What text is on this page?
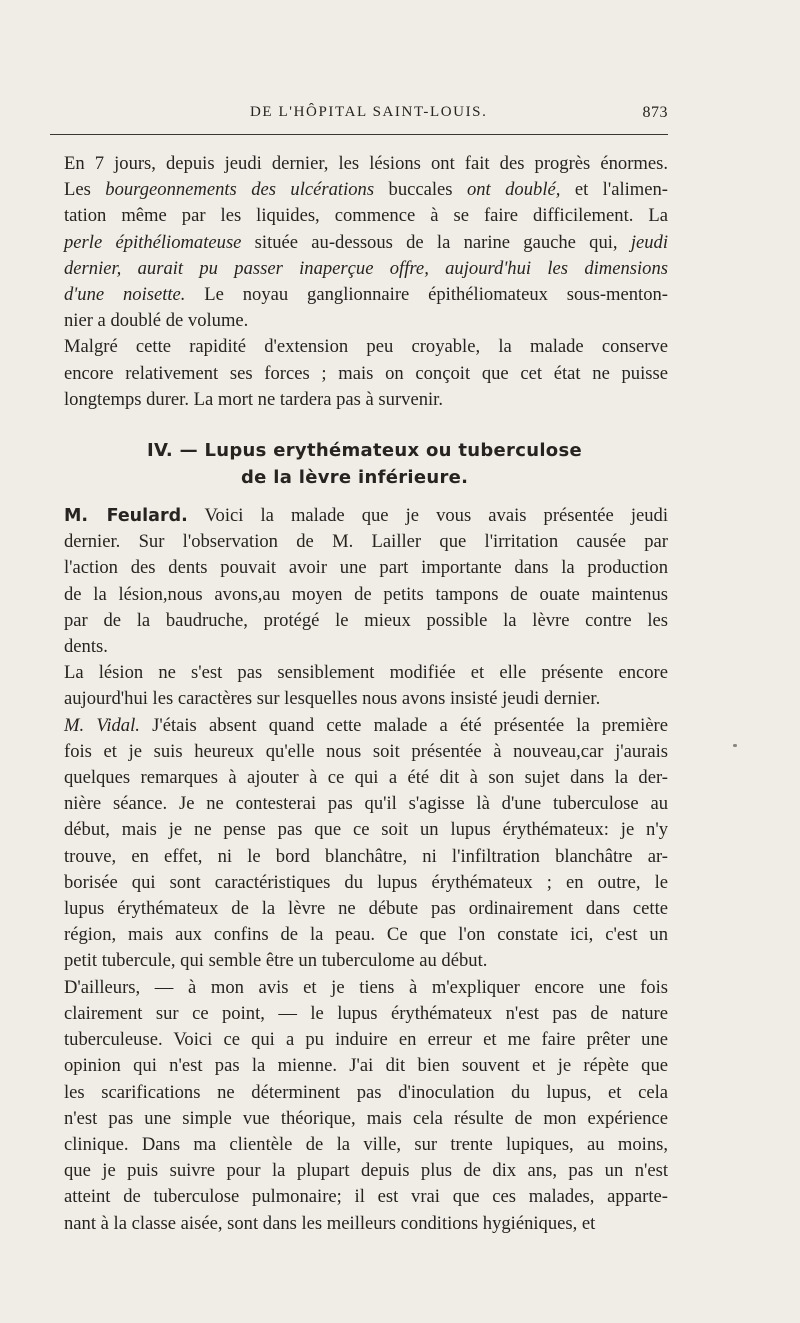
DE L'HÔPITAL SAINT-LOUIS.	873

En 7 jours, depuis jeudi dernier, les lésions ont fait des progrès énormes.
Les bourgeonnements des ulcérations buccales ont doublé, et l'alimen-
tation même par les liquides, commence à se faire difficilement. La
perle épithéliomateuse située au-dessous de la narine gauche qui, jeudi
dernier, aurait pu passer inaperçue offre, aujourd'hui les dimensions
d'une noisette. Le noyau ganglionnaire épithéliomateux sous-menton-
nier a doublé de volume.

Malgré cette rapidité d'extension peu croyable, la malade conserve
encore relativement ses forces ; mais on conçoit que cet état ne puisse
longtemps durer. La mort ne tardera pas à survenir.

IV. — Lupus erythémateux ou tuberculose
de la lèvre inférieure.

M. Feulard. Voici la malade que je vous avais présentée jeudi
dernier. Sur l'observation de M. Lailler que l'irritation causée par
l'action des dents pouvait avoir une part importante dans la production
de la lésion,nous avons,au moyen de petits tampons de ouate maintenus
par de la baudruche, protégé le mieux possible la lèvre contre les
dents.

La lésion ne s'est pas sensiblement modifiée et elle présente encore
aujourd'hui les caractères sur lesquelles nous avons insisté jeudi dernier.

M. Vidal. J'étais absent quand cette malade a été présentée la première
fois et je suis heureux qu'elle nous soit présentée à nouveau,car j'aurais
quelques remarques à ajouter à ce qui a été dit à son sujet dans la der-
nière séance. Je ne contesterai pas qu'il s'agisse là d'une tuberculose au
début, mais je ne pense pas que ce soit un lupus érythémateux: je n'y
trouve, en effet, ni le bord blanchâtre, ni l'infiltration blanchâtre ar-
borisée qui sont caractéristiques du lupus érythémateux ; en outre, le
lupus érythémateux de la lèvre ne débute pas ordinairement dans cette
région, mais aux confins de la peau. Ce que l'on constate ici, c'est un
petit tubercule, qui semble être un tuberculome au début.

D'ailleurs, — à mon avis et je tiens à m'expliquer encore une fois
clairement sur ce point, — le lupus érythémateux n'est pas de nature
tuberculeuse. Voici ce qui a pu induire en erreur et me faire prêter une
opinion qui n'est pas la mienne. J'ai dit bien souvent et je répète que
les scarifications ne déterminent pas d'inoculation du lupus, et cela
n'est pas une simple vue théorique, mais cela résulte de mon expérience
clinique. Dans ma clientèle de la ville, sur trente lupiques, au moins,
que je puis suivre pour la plupart depuis plus de dix ans, pas un n'est
atteint de tuberculose pulmonaire; il est vrai que ces malades, apparte-
nant à la classe aisée, sont dans les meilleurs conditions hygiéniques, et
